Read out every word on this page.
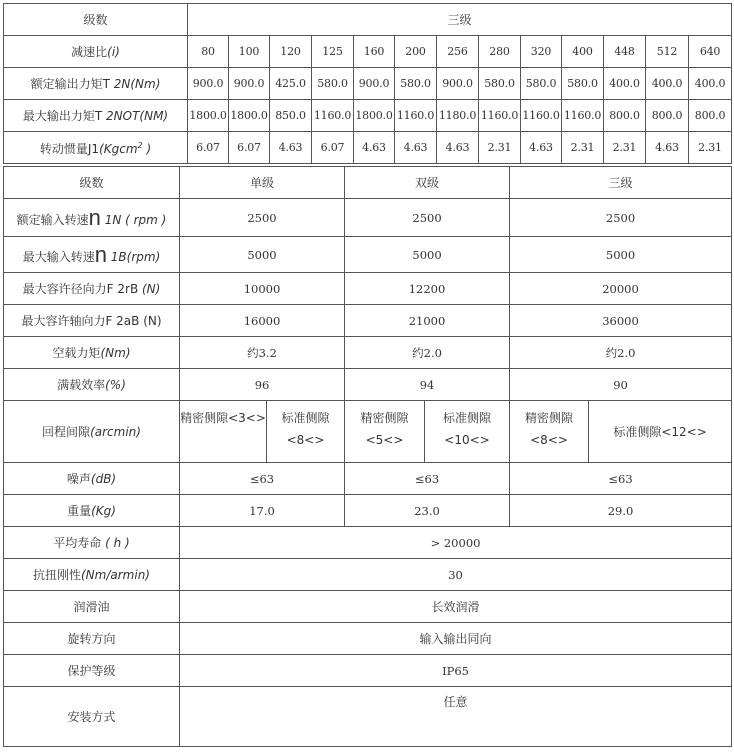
级数	三级												
减速比(i)	80	100	120	125	160	200	256	280	320	400	448	512	640
额定输出力矩T 2N(Nm)	900.0	900.0	425.0	580.0	900.0	580.0	900.0	580.0	580.0	580.0	400.0	400.0	400.0
最大输出力矩T 2NOT(NM)	1800.0	1800.0	850.0	1160.0	1800.0	1160.0	1180.0	1160.0	1160.0	1160.0	800.0	800.0	800.0
转动惯量J1(Kgcm$^2$ )	6.07	6.07	4.63	6.07	4.63	4.63	4.63	2.31	4.63	2.31	2.31	4.63	2.31
级数	单级		双级		三级	
额定输入转速n 1N ( rpm )	2500		2500		2500	
最大输入转速n 1B(rpm)	5000		5000		5000	
最大容许径向力F 2rB (N)	10000		12200		20000	
最大容许轴向力F 2aB (N)	16000		21000		36000	
空载力矩(Nm)	约3.2		约2.0		约2.0	
满载效率(%)	96		94		90	
回程间隙(arcmin)	精密侧隙<3<>	标准侧隙<8<>	精密侧隙<5<>	标准侧隙<10<>	精密侧隙<8<>	标准侧隙<12<>
噪声(dB)	≤63		≤63		≤63	
重量(Kg)	17.0		23.0		29.0	
平均寿命 ( h )	> 20000					
抗扭刚性(Nm/armin)	30					
润滑油	长效润滑					
旋转方向	输入输出同向					
保护等级	IP65					
安装方式	任意					
